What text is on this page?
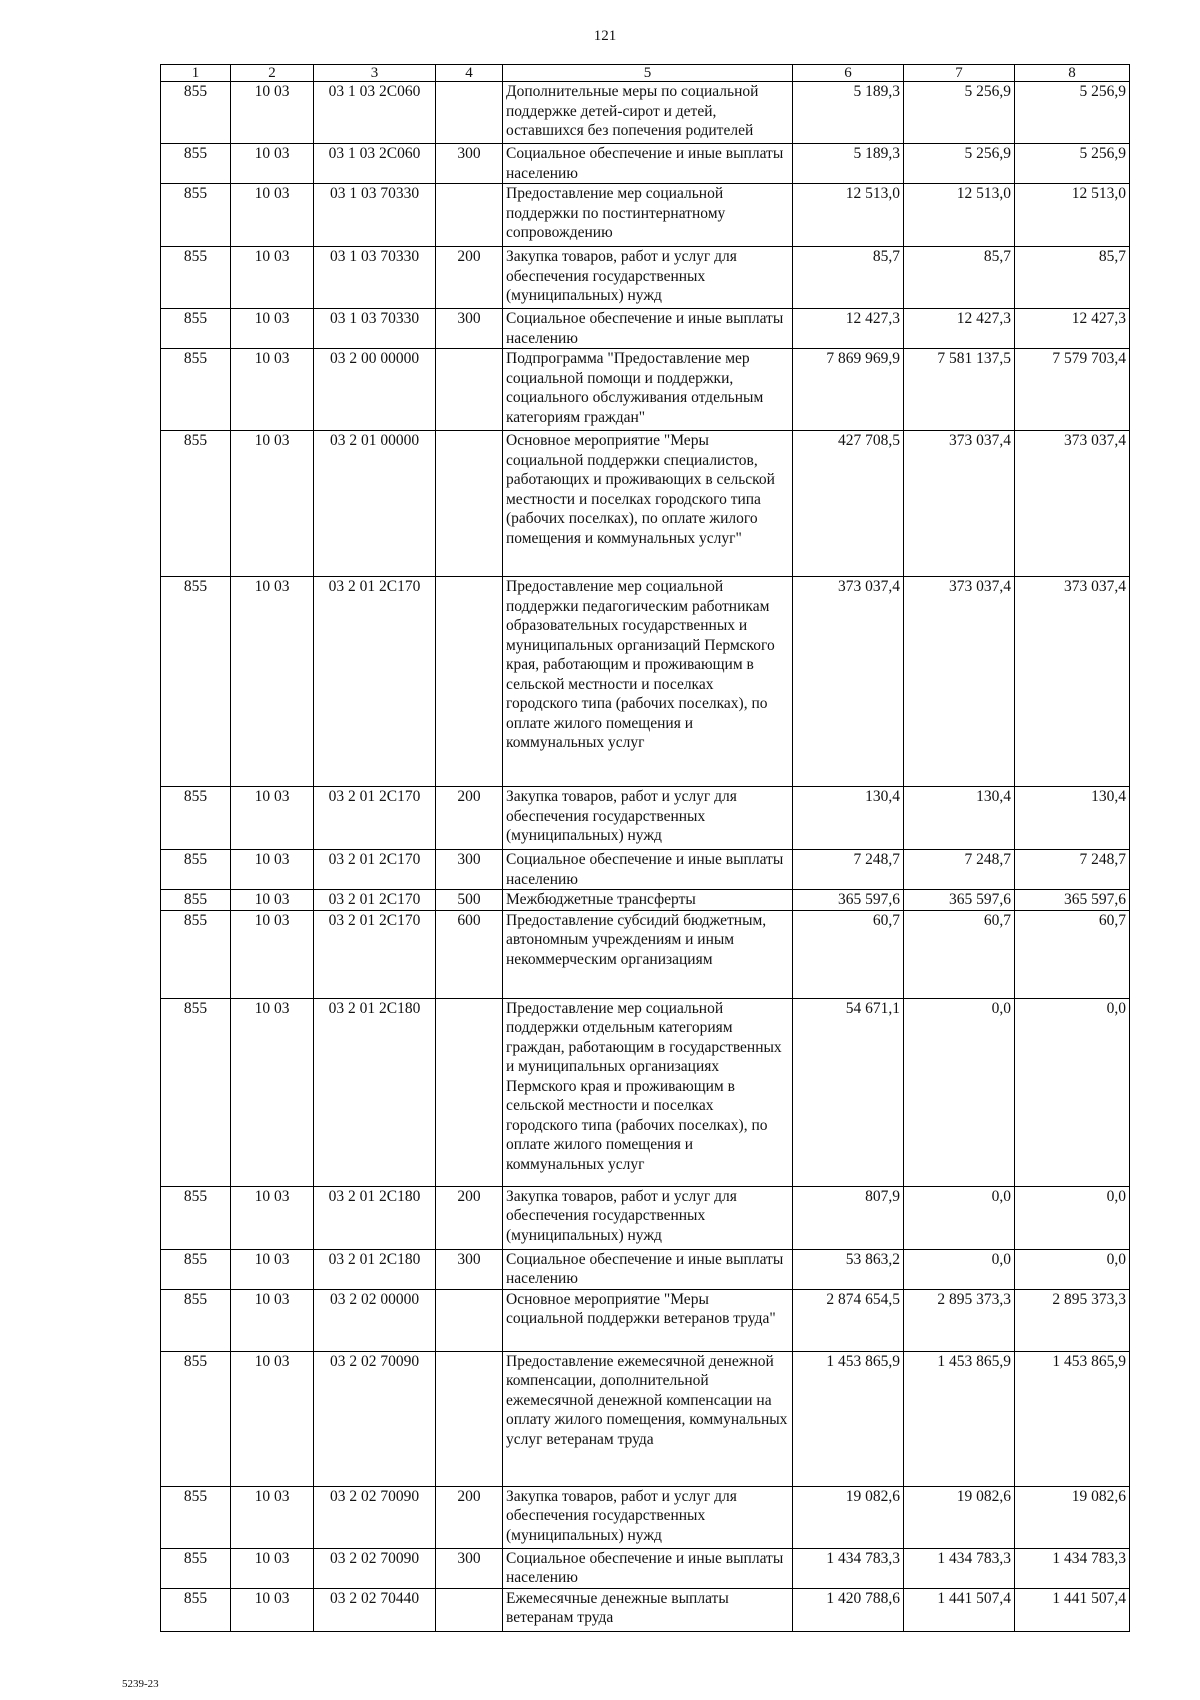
121
1	2	3	4	5	6	7	8
855	10 03	03 1 03 2С060		Дополнительные меры по социальной поддержке детей-сирот и детей, оставшихся без попечения родителей	5 189,3	5 256,9	5 256,9
855	10 03	03 1 03 2С060	300	Социальное обеспечение и иные выплаты населению	5 189,3	5 256,9	5 256,9
855	10 03	03 1 03 70330		Предоставление мер социальной поддержки по постинтернатному сопровождению	12 513,0	12 513,0	12 513,0
855	10 03	03 1 03 70330	200	Закупка товаров, работ и услуг для обеспечения государственных (муниципальных) нужд	85,7	85,7	85,7
855	10 03	03 1 03 70330	300	Социальное обеспечение и иные выплаты населению	12 427,3	12 427,3	12 427,3
855	10 03	03 2 00 00000		Подпрограмма "Предоставление мер социальной помощи и поддержки, социального обслуживания отдельным категориям граждан"	7 869 969,9	7 581 137,5	7 579 703,4
855	10 03	03 2 01 00000		Основное мероприятие "Меры социальной поддержки специалистов, работающих и проживающих в сельской местности и поселках городского типа (рабочих поселках), по оплате жилого помещения и коммунальных услуг"	427 708,5	373 037,4	373 037,4
855	10 03	03 2 01 2С170		Предоставление мер социальной поддержки педагогическим работникам образовательных государственных и муниципальных организаций Пермского края, работающим и проживающим в сельской местности и поселках городского типа (рабочих поселках), по оплате жилого помещения и коммунальных услуг	373 037,4	373 037,4	373 037,4
855	10 03	03 2 01 2С170	200	Закупка товаров, работ и услуг для обеспечения государственных (муниципальных) нужд	130,4	130,4	130,4
855	10 03	03 2 01 2С170	300	Социальное обеспечение и иные выплаты населению	7 248,7	7 248,7	7 248,7
855	10 03	03 2 01 2С170	500	Межбюджетные трансферты	365 597,6	365 597,6	365 597,6
855	10 03	03 2 01 2С170	600	Предоставление субсидий бюджетным, автономным учреждениям и иным некоммерческим организациям	60,7	60,7	60,7
855	10 03	03 2 01 2С180		Предоставление мер социальной поддержки отдельным категориям граждан, работающим в государственных и муниципальных организациях Пермского края и проживающим в сельской местности и поселках городского типа (рабочих поселках), по оплате жилого помещения и коммунальных услуг	54 671,1	0,0	0,0
855	10 03	03 2 01 2С180	200	Закупка товаров, работ и услуг для обеспечения государственных (муниципальных) нужд	807,9	0,0	0,0
855	10 03	03 2 01 2С180	300	Социальное обеспечение и иные выплаты населению	53 863,2	0,0	0,0
855	10 03	03 2 02 00000		Основное мероприятие "Меры социальной поддержки ветеранов труда"	2 874 654,5	2 895 373,3	2 895 373,3
855	10 03	03 2 02 70090		Предоставление ежемесячной денежной компенсации, дополнительной ежемесячной денежной компенсации на оплату жилого помещения, коммунальных услуг ветеранам труда	1 453 865,9	1 453 865,9	1 453 865,9
855	10 03	03 2 02 70090	200	Закупка товаров, работ и услуг для обеспечения государственных (муниципальных) нужд	19 082,6	19 082,6	19 082,6
855	10 03	03 2 02 70090	300	Социальное обеспечение и иные выплаты населению	1 434 783,3	1 434 783,3	1 434 783,3
855	10 03	03 2 02 70440		Ежемесячные денежные выплаты ветеранам труда	1 420 788,6	1 441 507,4	1 441 507,4
5239-23
